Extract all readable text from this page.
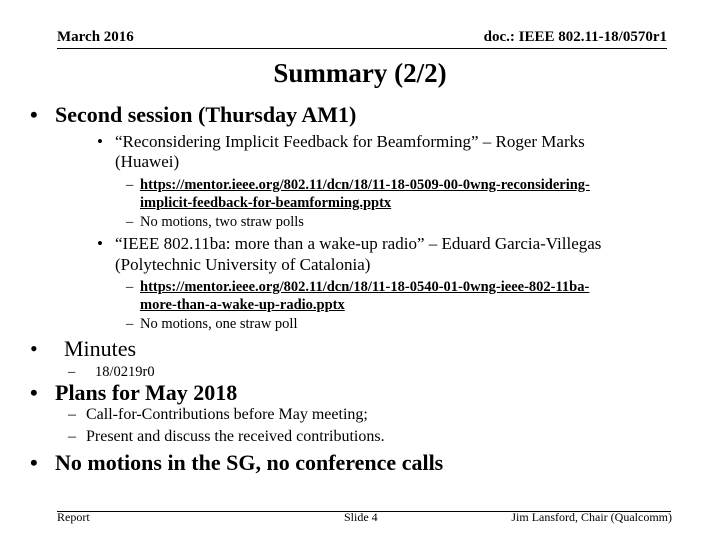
March 2016	doc.: IEEE 802.11-18/0570r1
Summary (2/2)
• Second session (Thursday AM1)
• “Reconsidering Implicit Feedback for Beamforming” – Roger Marks
(Huawei)
– https://mentor.ieee.org/802.11/dcn/18/11-18-0509-00-0wng-reconsidering-
implicit-feedback-for-beamforming.pptx
– No motions, two straw polls
• “IEEE 802.11ba: more than a wake-up radio” – Eduard Garcia-Villegas
(Polytechnic University of Catalonia)
– https://mentor.ieee.org/802.11/dcn/18/11-18-0540-01-0wng-ieee-802-11ba-
more-than-a-wake-up-radio.pptx
– No motions, one straw poll
• Minutes
– 18/0219r0
• Plans for May 2018
– Call-for-Contributions before May meeting;
– Present and discuss the received contributions.
• No motions in the SG, no conference calls
Report	Slide 4	Jim Lansford, Chair (Qualcomm)
